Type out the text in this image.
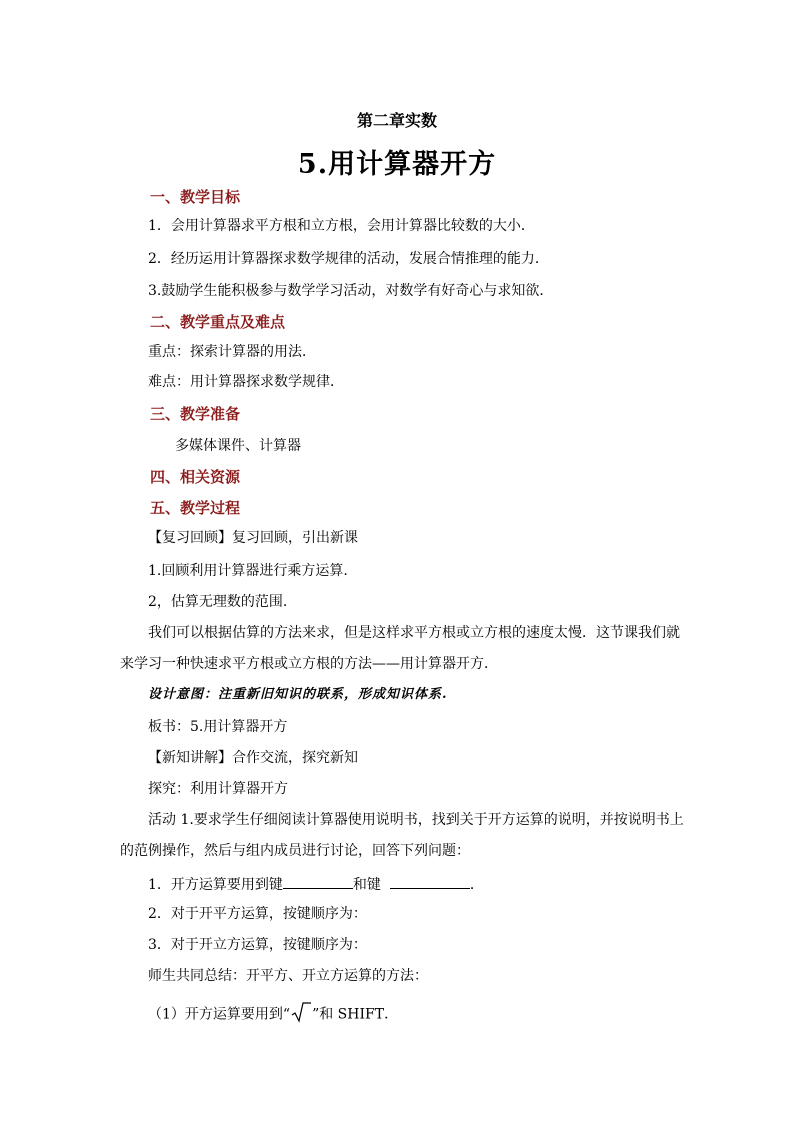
第二章实数
5.用计算器开方
一、教学目标
1．会用计算器求平方根和立方根，会用计算器比较数的大小．
2．经历运用计算器探求数学规律的活动，发展合情推理的能力．
3.鼓励学生能积极参与数学学习活动，对数学有好奇心与求知欲．
二、教学重点及难点
重点：探索计算器的用法．
难点：用计算器探求数学规律．
三、教学准备
多媒体课件、计算器
四、相关资源
五、教学过程
【复习回顾】复习回顾，引出新课
1.回顾利用计算器进行乘方运算.
2，估算无理数的范围.
我们可以根据估算的方法来求，但是这样求平方根或立方根的速度太慢．这节课我们就
来学习一种快速求平方根或立方根的方法——用计算器开方．
设计意图：注重新旧知识的联系，形成知识体系.
板书：5.用计算器开方
【新知讲解】合作交流，探究新知
探究：利用计算器开方
活动 1.要求学生仔细阅读计算器使用说明书，找到关于开方运算的说明，并按说明书上
的范例操作，然后与组内成员进行讨论，回答下列问题：
1．开方运算要用到键	和键	．
2．对于开平方运算，按键顺序为：
3．对于开立方运算，按键顺序为：
师生共同总结：开平方、开立方运算的方法：
（1）开方运算要用到“ ”和 SHIFT．
